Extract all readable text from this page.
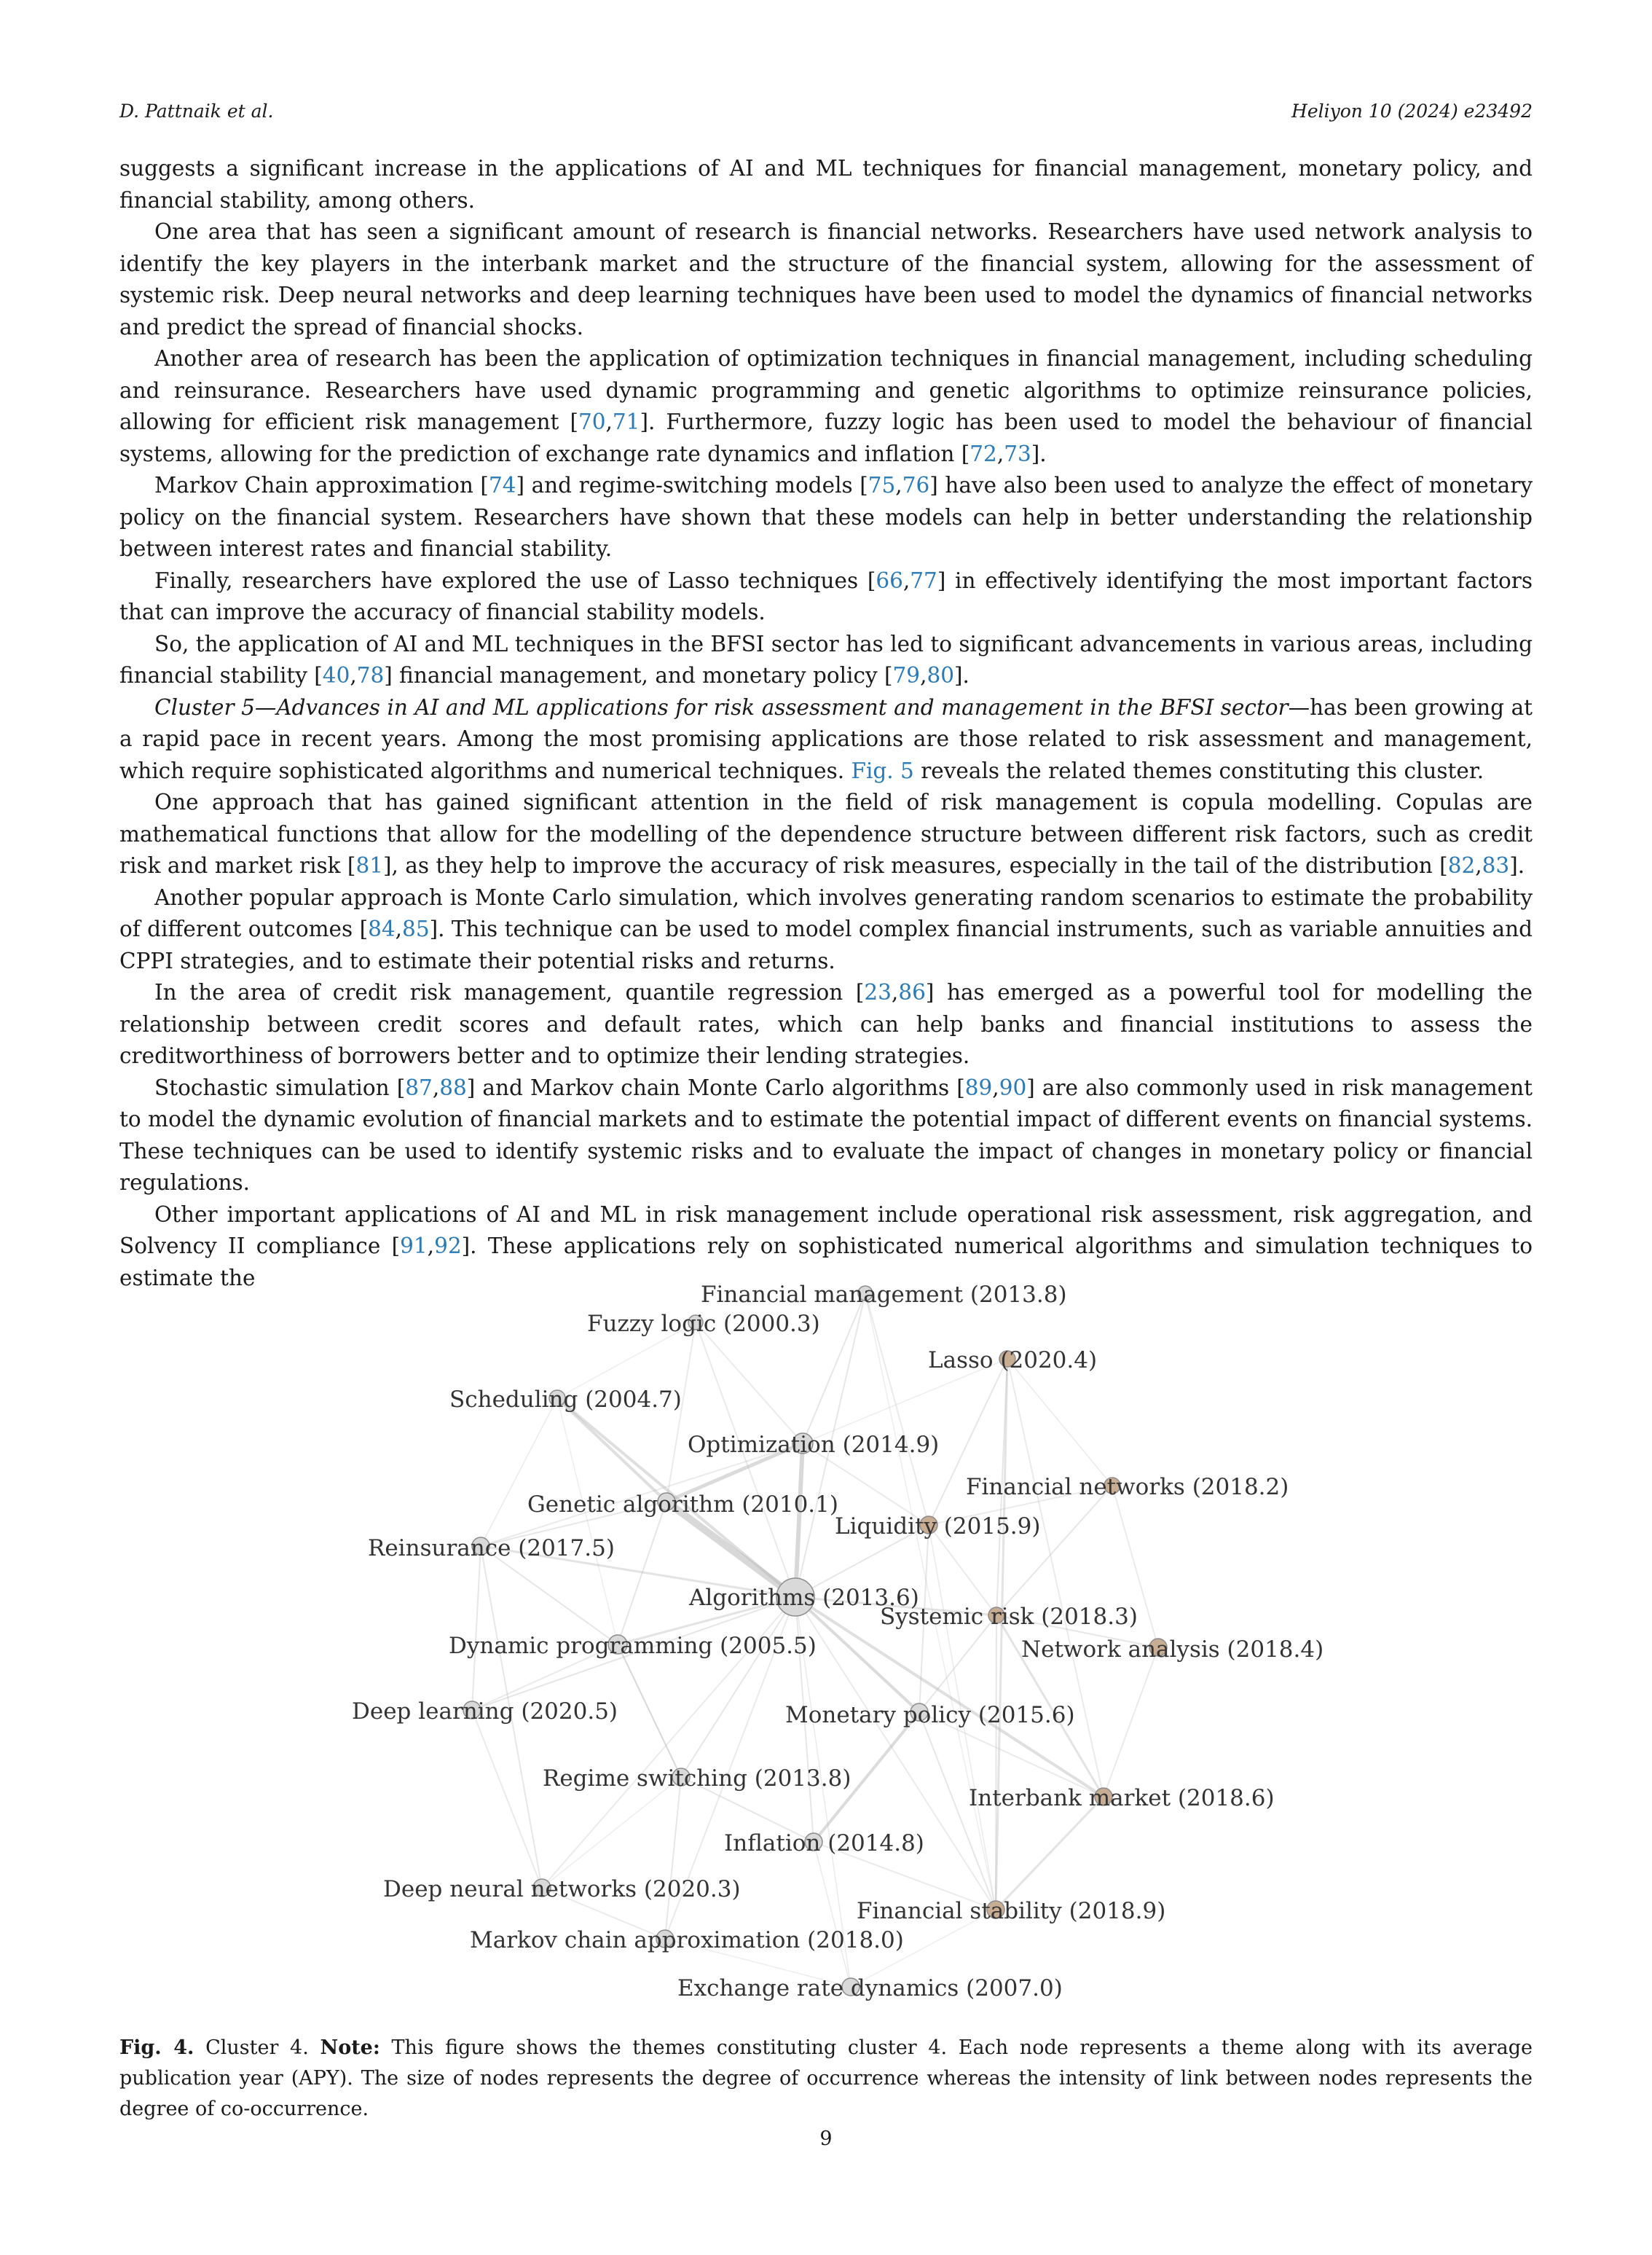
D. Pattnaik et al.	Heliyon 10 (2024) e23492

suggests a significant increase in the applications of AI and ML techniques for financial management, monetary policy, and financial stability, among others.

One area that has seen a significant amount of research is financial networks. Researchers have used network analysis to identify the key players in the interbank market and the structure of the financial system, allowing for the assessment of systemic risk. Deep neural networks and deep learning techniques have been used to model the dynamics of financial networks and predict the spread of financial shocks.

Another area of research has been the application of optimization techniques in financial management, including scheduling and reinsurance. Researchers have used dynamic programming and genetic algorithms to optimize reinsurance policies, allowing for efficient risk management [70,71]. Furthermore, fuzzy logic has been used to model the behaviour of financial systems, allowing for the prediction of exchange rate dynamics and inflation [72,73].

Markov Chain approximation [74] and regime-switching models [75,76] have also been used to analyze the effect of monetary policy on the financial system. Researchers have shown that these models can help in better understanding the relationship between interest rates and financial stability.

Finally, researchers have explored the use of Lasso techniques [66,77] in effectively identifying the most important factors that can improve the accuracy of financial stability models.

So, the application of AI and ML techniques in the BFSI sector has led to significant advancements in various areas, including financial stability [40,78] financial management, and monetary policy [79,80].

Cluster 5—Advances in AI and ML applications for risk assessment and management in the BFSI sector—has been growing at a rapid pace in recent years. Among the most promising applications are those related to risk assessment and management, which require sophisticated algorithms and numerical techniques. Fig. 5 reveals the related themes constituting this cluster.

One approach that has gained significant attention in the field of risk management is copula modelling. Copulas are mathematical functions that allow for the modelling of the dependence structure between different risk factors, such as credit risk and market risk [81], as they help to improve the accuracy of risk measures, especially in the tail of the distribution [82,83].

Another popular approach is Monte Carlo simulation, which involves generating random scenarios to estimate the probability of different outcomes [84,85]. This technique can be used to model complex financial instruments, such as variable annuities and CPPI strategies, and to estimate their potential risks and returns.

In the area of credit risk management, quantile regression [23,86] has emerged as a powerful tool for modelling the relationship between credit scores and default rates, which can help banks and financial institutions to assess the creditworthiness of borrowers better and to optimize their lending strategies.

Stochastic simulation [87,88] and Markov chain Monte Carlo algorithms [89,90] are also commonly used in risk management to model the dynamic evolution of financial markets and to estimate the potential impact of different events on financial systems. These techniques can be used to identify systemic risks and to evaluate the impact of changes in monetary policy or financial regulations.

Other important applications of AI and ML in risk management include operational risk assessment, risk aggregation, and Solvency II compliance [91,92]. These applications rely on sophisticated numerical algorithms and simulation techniques to estimate the

Financial management (2013.8)
Fuzzy logic (2000.3)
Lasso (2020.4)
Scheduling (2004.7)
Optimization (2014.9)
Financial networks (2018.2)
Genetic algorithm (2010.1)
Liquidity (2015.9)
Reinsurance (2017.5)
Algorithms (2013.6)
Systemic risk (2018.3)
Network analysis (2018.4)
Dynamic programming (2005.5)
Deep learning (2020.5)	Monetary policy (2015.6)
Regime switching (2013.8)
Interbank market (2018.6)
Inflation (2014.8)
Deep neural networks (2020.3)
Financial stability (2018.9)
Markov chain approximation (2018.0)
Exchange rate dynamics (2007.0)
Fig. 4. Cluster 4. Note: This figure shows the themes constituting cluster 4. Each node represents a theme along with its average publication year (APY). The size of nodes represents the degree of occurrence whereas the intensity of link between nodes represents the degree of co-occurrence.
9
